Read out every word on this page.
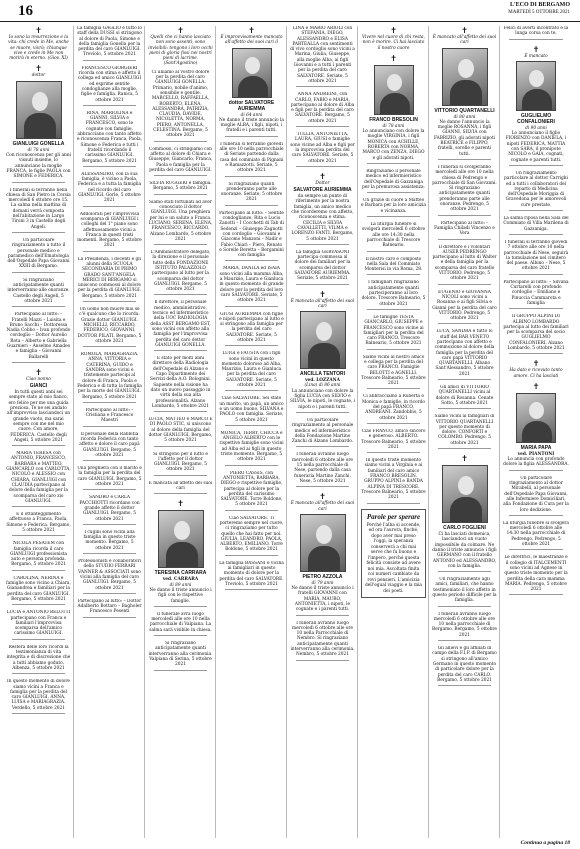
16	L'ECO DI BERGAMO
MARTEDÌ 5 OTTOBRE 2021
✝
Io sono la resurrezione e la vita: chi crede in Me, anche se muore, vivrà; chiunque vive e crede in Me non morirà in eterno. (Giov. XI)
✝
dottor
GIANLUIGI GONELLA
di 78 anni

Con riconoscenza per gli anni vissuti insieme, lo annunciano la moglie FRANCA, le figlie PAOLA con SIMONE e FEDERICA.

I funerali si terranno nella chiesa di San Pietro in Corsia mercoledì 6 ottobre ore 15. La salma nella mattina di domani verrà composta nell'abitazione in Largo Tironi 3 in Castello degli Angeli.

Un particolare ringraziamento a tutto il personale medico e paramedico dell'Ematologia dell'Ospedale Papa Giovanni XXIII di Bergamo.

Si ringraziano anticipatamente quanti interverranno alle onoranze. Castello degli Angeli, 5 ottobre 2021

Partecipano al lutto: – Fratelli Mazzi – Luisita e Bruno Sacchi – Dottoressa Nadia Cobbo – Ivan profondo cordoglio – Dottor Aurelio Rota – Alberto e Gabriella Guarnieri – Anselmo Amadeo e famiglia – Giovanni Ballarelli

✝
Ciao nonno
GIANCI

In tutti questi anni sei sempre stato al mio fianco, ero felice per me una guida preziosa. Te ne sei andato all'improvviso lasciandoci un grande vuoto, ma sarai sempre con me nel mio cuore. Con amore, FEDERICA. Castello degli Angeli, 5 ottobre 2021

MARIA TERESA con ANTONIO, FRANCESCO, BARBARA e MATTEO, GIANCARLO con CARLOTTA, NICOLÒ e ALESSIO con CHIARA, GIANLUIGI con CLAUDIA partecipano al dolore della famiglia per la scomparsa del caro zio GIANLUIGI.

È il ottanteggimento affettuoso a Franca, Paola, Simone e Federica. Bergamo, 5 ottobre 2021

NICOLA PESATEM con famiglia ricorda il caro GIANLUIGI professionista auto e persona profonda. Bergamo, 5 ottobre 2021

CAROLINA, NERINA e famiglie sono vicino a Chiara, Gianandrea e familiari per la perdita del caro GIANLUIGI. Bergamo, 5 ottobre 2021

LUCIA e ANTONIO BELOTTI partecipano con Franca e familiari l'improvvisa scomparsa dell'amico carissimo GIANLUIGI.

Restera delle loro ricordi la testimonianza di vita integrita e di discrezione che a tutti abbiamo goduto. Albenza, 5 ottobre 2021

In questo momento di dolore siamo vicini a Franca e famiglia per la perdita del caro GIANLUIGI. ANNA, LUISA e MARIAGRAZIA. Verdello, 5 ottobre 2021

La famiglia GAGLIO e tutto lo staff della DUSSI si stringono al dolore di Paola, Simone e della famiglia Gonella per la perdita del caro GIANLUIGI. Treviolo, 5 ottobre 2021

FRANCESCO GIORGIERI ricorda con stima e affetto il collega ed amico GIANLUIGI ed esprime sentite condoglianze alla moglie, figlie e famiglia. Ranica, 5 ottobre 2021

RINA, MARIOLINA e GIANNI, SILVIA e FRANCESCO, sono le cognate con famiglie, abbracciano con tanto affetto e riconoscenza Franca, Paola, Simone e Federica e tutti i fratelli ricordando il carissimo GIANLUIGI. Bergamo, 5 ottobre 2021

ALESSANDRO, con la sua famiglia, è vicino a Paola, Federica e a tutta la famiglia nel ricordo del caro GIANLUIGI. Gorle, 5 ottobre 2021

Addolorati per l'improvvisa scomparsa di GIANLUIGI i colleghi del 1° piano sono affettuosamente vicini a Franca in questi tristi momenti. Bergamo, 5 ottobre 2021

La Presidenza, i docenti e gli alunni della SCUOLA SECONDARIA DI PRIMO GRADO SANT'ANGELA MERICI DI BERGAMO si uniscono commossi al dolore per la perdita di GIANLUIGI. Bergamo, 5 ottobre 2021

Un uomo non muore mai se c'è qualcuno che lo ricorda. Grazie dottor GIANLUIGI. MICHELLI, RICCARDO, FEDERICO, GIOVANNI, DOTTOR PILATI. Bergamo, 5 ottobre 2021

ROMOLA, MARIAGRAZIA, ANNA, VITTORIA e CATERINA, GUIDO e SANDRA sono vicini e tristemente partecipi al dolore di Franca, Paola e Federica e di tutta la famiglia per la morte del GIANLUIGI. Bergamo, 5 ottobre 2021

Partecipano al lutto: – Cristiana e Francesco Maestri

Il personale della Rabbitia ricorda Federica con tanto affetto e dolore il caro papà GIANLUIGI. Bergamo, 5 ottobre 2021

Una preghiera con il marito e la famiglia per la perdita del caro GIANLUIGI. Bergamo, 5 ottobre 2021

SANDRO e CARLA PACCHIOTTI ricordano con grande affetto il dottor GIANLUIGI. Bergamo, 5 ottobre 2021

I cugini sono vicini alla famiglia in questo triste momento. Bergamo, 5 ottobre 2021

Professionisti e collaboratori dello STUDIO FERRARI VANNER & ASSOCIATI sono vicini alla famiglia del caro GIANLUIGI. Bergamo, 5 ottobre 2021

Partecipano al lutto: – Dottor Adalberto Bottaro – Bagholer Francesco Pesenti

✝
Quelli che ci hanno lasciato non sono assenti, sono invisibili: tengono i loro occhi pieni di gloria fissi nei nostri pieni di lacrime. (Sant'Agostino)

Ci uniamo al vostro dolore per la perdita del caro GIANLUIGI GONELLA. Primario, nobile d'animo, sensibile e gentile. MARCELLO, RAFFAELLA, ROBERTO, ELENA, ALESSANDRA, PATRIZIA, CLAUDIA, DAVIDE, NICOLETTA, NORMA, PIERO, ANTONELLA, CELESTINA. Bergamo, 5 ottobre 2021

Commossi, ci stringiamo con affetto al dolore di Chiara e Giuseppe, Giancarlo, Franca, Paola e famiglia per la perdita del caro GIANLUIGI.

SILVIA RUGGERI e famiglia. Bergamo, 5 ottobre 2021

Siamo stati fortunati ad aver conosciuto il dottor GIANLUIGI. Una preghiera per lui e un saluto a Franca. LUCIANO, SERENA, ELENA, FRANCESCO, RICCARDO. Alzano Lombardo, 5 ottobre 2021

L'Amministratore delegato, la direzione e il personale tutto della FONDAZIONE ISTITUTO PALAZZOLO partecipano al lutto per la scomparsa del dottor GIANLUIGI. Bergamo, 5 ottobre 2021

Il direttore, il personale medico, amministrativo, tecnico ed infermieristico della UOC RADIOLOGIA della ASST BERGAMO EST, sono vicini con affetto alla famiglia per l'improvvisa perdita del caro dottor GIANLUIGI GONELLA.

È stato per molti anni direttore della Radiologia dell'Ospedale di Alzano e Capo Dipartimento dei Servizi della A.O. Bolognini. Sapiente nella visione ha dato un nuovo passaggio in virtù della sua alta professionalità. Alzano Lombardo, 5 ottobre 2021

LUCIA, MATTEO e MARCO E DI PAOLO STIC, si uniscono al dolore della famiglia del dottor GIANLUIGI. Bergamo, 5 ottobre 2021

Si stringono per il lutto e l'affetto per il dottor GIANLUIGI. Bergamo, 5 ottobre 2021

È mancata all'affetto dei suoi cari

✝
TERESINA CARRARA
ved. CARRARA
di 89 anni

Ne danno il triste annuncio i figli con le rispettive famiglie.

Il funerale avrà luogo mercoledì alle ore 10 nella parrocchiale di Valpiana. La salma sarà visibile in chiesa.

Si ringraziano anticipatamente quanti interverranno alla cerimonia. Valpiana di Serina, 5 ottobre 2021

✝
È improvvisamente mancato all'affetto dei suoi cari il
dottor SALVATORE AURIEMMA
di 64 anni

Ne danno il triste annuncio la moglie ALBA, i figli, nipoti, i fratelli e i parenti tutti.

I funerali si terranno giovedì alle ore 10 nella parrocchiale di Seriate partendo dalla casa del commiato di Pignani e Ramazzotti. Seriate, 5 ottobre 2021

Si ringraziano quanti prenderanno parte alle onoranze. Seriate, 5 ottobre 2021

Partecipano al lutto: – Sentite condoglianze, Rita e Lucio Zanotti – I Cocchetti di Tab di Sedonzi – Giuseppe Zagnotti con cordoglio – Giovanni e Giacomo Manzoni – Nadir e Fabio Chiari – Piero, Renato e Sorelle Beretta – Bergamini con famiglia

MARIA, DANILA ed ISAIA sono vicini alla mamma Alba, a Maurizio, Laura e Gianluca in questo momento di grande dolore per la perdita del loro caro SALVATORE. Seriate, 5 ottobre 2021

GIUSI AURIEMMA con figlie e nipoti partecipano al lutto e si stringono alla famiglia per la perdita del caro SALVATORE. Seriate, 5 ottobre 2021

LUIGI e FAUSTA con i figli sono vicini in questo momento doloroso ad Alba, Maurizio, Laura e Gianluca per la perdita del caro SALVATORE. Seriate, 5 ottobre 2021

Ciao SALVATORE. Sei stato un marito, un papà, un amico e un uomo buono. SILVANA e PAOLO con famiglia. Seriate, 5 ottobre 2021

MONICA, TERRY, CHICCA e ANGELO ALBERTO con le rispettive famiglie sono vicini ad Alba ed ai figli in questo triste momento. Bergamo, 5 ottobre 2021

PIERO CASSIS, con ANTONIETTA, BARBARA, DIEGO e rispettive famiglie, partecipa al dolore per la perdita del carissimo SALVATORE. Torre Boldone, 5 ottobre 2021

Ciao SALVATORE. Ti porteremo sempre nel cuore, ci ringraziamo per tutto quello che hai fatto per noi. GIULIA, LEANDRO, PAOLA, ALBERTO, EMILIANO. Torre Boldone, 5 ottobre 2021

La famiglia BASSANI è vicina ai famigliari in questo momento di dolore per la perdita del caro SALVATORE. Treviolo, 5 ottobre 2021

LINA e MARIO ARIOLI con STEFANIA, DIEGO, ALESSANDRO e ELISA PARTEALLA con sentimenti di vivo cordoglio sono vicini a Marina, Giulia, Giuseppe, alla moglie Alba, ai figli Giovanni e a tutti i parenti per la perdita del caro SALVATORE. Seriate, 5 ottobre 2021

ANNA ANDREINI, con CARLO, FABIO e MARIA, partecipano al dolore di Alba e figli per la perdita del caro SALVATORE. Bergamo, 5 ottobre 2021

TULLIA, ANTONIETTA, LAURA, GIUSI e famiglie sono vicine ad Alba e figli per la improvvisa perdita del caro SALVATORE. Seriate, 5 ottobre 2021

✝
Dottor
SALVATORE AURIEMMA

da sempre un punto di riferimento per la nostra famiglia, un amico medico che ricorderemo con affetto, riconoscenza e stima. CECILIA e SILVIA CAVALLETTI, VILMA e LORENZO FANTI. Bergamo, 5 ottobre 2021

La famiglia GERVASONI partecipa commossa al dolore dei familiari per la scomparsa del dottor SALVATORE AURIEMMA. Seriate, 5 ottobre 2021

✝
È mancata all'affetto dei suoi cari
ANCILLA TENTORI
ved. LOZZANA
(Lina) di 86 anni

La annunciano con dolore la figlia LUCIA con SILVIO e SILVIA, le nipoti, le cognate, i nipoti e i parenti tutti.

Un particolare ringraziamento al personale medico ed infermieristico della Fondazione Martino Zanchi di Alzano Lombardo.

I funerali avranno luogo mercoledì 6 ottobre alle ore 15 nella parrocchiale di Nese, partendo dalla casa funeraria Martino Zanchi. Nese, 5 ottobre 2021

✝
È mancato all'affetto dei suoi cari
PIETRO AZZOLA
di 79 anni

Ne danno il triste annuncio i fratelli GIOVANNI con MARIA, MAURO, ANTONIETTA, i nipoti, le cognate e i parenti tutti.

I funerali avranno luogo mercoledì 6 ottobre alle ore 10 nella Parrocchiale di Nembro. Si ringraziano anticipatamente quanti interverranno alla cerimonia. Nembro, 5 ottobre 2021

✝
Vivere nel cuore di chi resta, non è morire. Ci hai lasciato il nostro cuore
✝
FRANCO BRESOLIN
di 78 anni

Lo annunciano con dolore la moglie VIRGINIA, i figli MONICA con ACHILLE, ROBERTA con NORMA, MARCO con ZENZA, DIEGO e gli adorati nipoti.

Ringraziamo il personale medico ed infermieristico dell'Ospedale di Gazzaniga per la premurosa assistenza.

Un grazie di cuore a Matteo e Barbara per la loro amicizia e vicinanza.

La liturgia funebre si svolgerà mercoledì 6 ottobre alle ore 14:30 nella parrocchiale di Trescore Balneario.

Il nostro caro è composto nella Sala del Commiato Monterisi in via Roma, 28.

I famigliari ringraziano anticipatamente quanti parteciperanno al loro dolore. Trescore Balneario, 5 ottobre 2021

Le famiglie TESTA GIANCARLO, GIUSEPPE e FRANCESCO sono vicine ai famigliari per la perdita del caro FRANCO. Trescore Balneario, 5 ottobre 2021

Siamo vicini al nostro amico e collega per la perdita del caro FRANCO. Famiglie BELOTTI e AGNELLI. Trescore Balneario, 5 ottobre 2021

Ci abbracciamo a Roberta e Monica e famiglie, in ricordo del papà FRANCO, ANDREANI. Zandobbio, 5 ottobre 2021

Ciao FRANCO, amico sincero e generoso. ALBERTO. Trescore Balneario, 5 ottobre 2021

In questo triste momento siamo vicini a Virginia e ai familiari del caro amico FRANCO BRESOLIN. GRUPPO ALPINI e BANDA ALPINA DI TRESCORE. Trescore Balneario, 5 ottobre 2021

Parole per sperare
Perché l'alba si accende, ed ora l'aurora, finché, dopo aver mai preso l'oggi, la speranza conserverà a chi mai serve che fu buono e l'impero, perché questa felicità consiste ad avere noi mia. Ascoltata finita coi numeri cambiato da rovi pensieri. L'amicizia dell'egual viaggio e la mia dei poeti.
✝
È mancato all'affetto dei suoi cari
VITTORIO QUARTANELLI
di 80 anni

Ne danno l'annuncio la moglie ROSANNA, i figli GIANNI, SILVIA con FABRIZIO, gli adorati nipoti BEATRICE e FILIPPO, fratelli, sorelle e parenti tutti.

I funerali si svolgeranno mercoledì alle ore 10 nella chiesa di Pedrengo e parrocchiale di San Giovanni. Si ringraziano anticipatamente quanti prenderanno parte alle onoranze. Pedrengo, 5 ottobre 2021

Partecipano al lutto: – Famiglia Chiladi Vincenzo e Vera

Il direttore e i volontari AUSER PEDRENGO partecipano al lutto di Walter e della famiglia per la scomparsa del caro fratello VITTORIO. Pedrengo, 5 ottobre 2021

EUGENIO e GIOVANNA NICOLI sono vicini a Rosanna e ai figli Silvia e Gianni per la perdita del caro VITTORIO. Pedrengo, 5 ottobre 2021

LUCA, SANDRA e tutto lo staff del BAR VENETO partecipano con affetto e commozione al dolore della famiglia per la perdita del caro papà VITTORIO QUARTANELLI. Albano Sant'Alessandro, 5 ottobre 2021

Gli amici di VITTORIO QUARTANELLI vicini al dolore di Rosanna. Cenate Sotto, 5 ottobre 2021

Siamo vicini ai famigliari di VITTORIO QUARTANELLI per questo momento di dolore. CONFORTI e COLOMBO. Pedrengo, 5 ottobre 2021

✝
CARLO FOGLIENI

Ci ha lasciati domenica, lasciandoci un vuoto impossibile da colmare. Ne danno il triste annuncio i figli GERMANO con il fratello ANTONIO ed ALESSANDRO, con la famiglia.

Un ringraziamento agli amici, familiari, che hanno testimoniato il loro affetto in questo periodo difficile per la famiglia.

I funerali avranno luogo mercoledì 6 ottobre alle ore 10 nella parrocchiale di Bergamo. Bergamo, 5 ottobre 2021

Gli allievi e gli affiliati di campo della F.I.P. di Bergamo si stringono all'amico Germano in questo momento di particolare dolore per la perdita del caro CARLO. Bergamo, 5 ottobre 2021

Felici di averti incontrato e la lunga corsa con te.

✝
È mancato
GUGLIELMO CONFALONIERI
di 90 anni

Lo annunciano il figlio FIORENZO con DANIELA, i nipoti FEDERICA, MATTIA con SARA, il pronipote NICOLÒ e GAIA, cognati, cognate e parenti tutti.

Un ringraziamento particolare al dottor Carrighi ed a tutti i collaboratori del reparto di Medicina dell'Ospedale Moriggia di Gravedona per le amorevoli cure prestate.

La salma riposa nella Sala del Commiato di Villa Marilena di Gazzaniga.

I funerali si terranno giovedì 7 ottobre alle ore 10 nella parrocchiale di Nese, seguirà la tumulazione nel cimitero del paese. Albino – Nese, 5 ottobre 2021

Partecipano al lutto: – Silvana Curtarelli con profondo cordoglio – Emiliano e Pinuccia Cammarota e famiglia

Il GRUPPO ALPINI DI ALBINO LOMBARDO partecipa al lutto dei familiari per la scomparsa del socio GUGLIELMO CONFALONIERI. Alzano Lombardo, 5 ottobre 2021

✝
Ha dato e ricevuto tanto amore. Ci ha lasciati
✝
MARIA PAPA
ved. PIANTONI

Lo annuncia con profondo dolore la figlia ALESSANDRA.

Un particolare ringraziamento al dottor Mirabelli, al personale dell'Ospedale Papa Giovanni, alle Infermiere Domiciliari, alla Fondazione di Cura per la loro dedizione.

La liturgia funebre si svolgerà mercoledì 6 ottobre alle 14:30 nella parrocchiale di Pedrengo. Pedrengo, 5 ottobre 2021

Le direttrici, le maestranze e il collegio di ITALCEMENTI sono vicini ad Agnese in questo triste momento per la perdita della cara mamma MARIA. Pedrengo, 5 ottobre 2021

Continua a pagina 18
